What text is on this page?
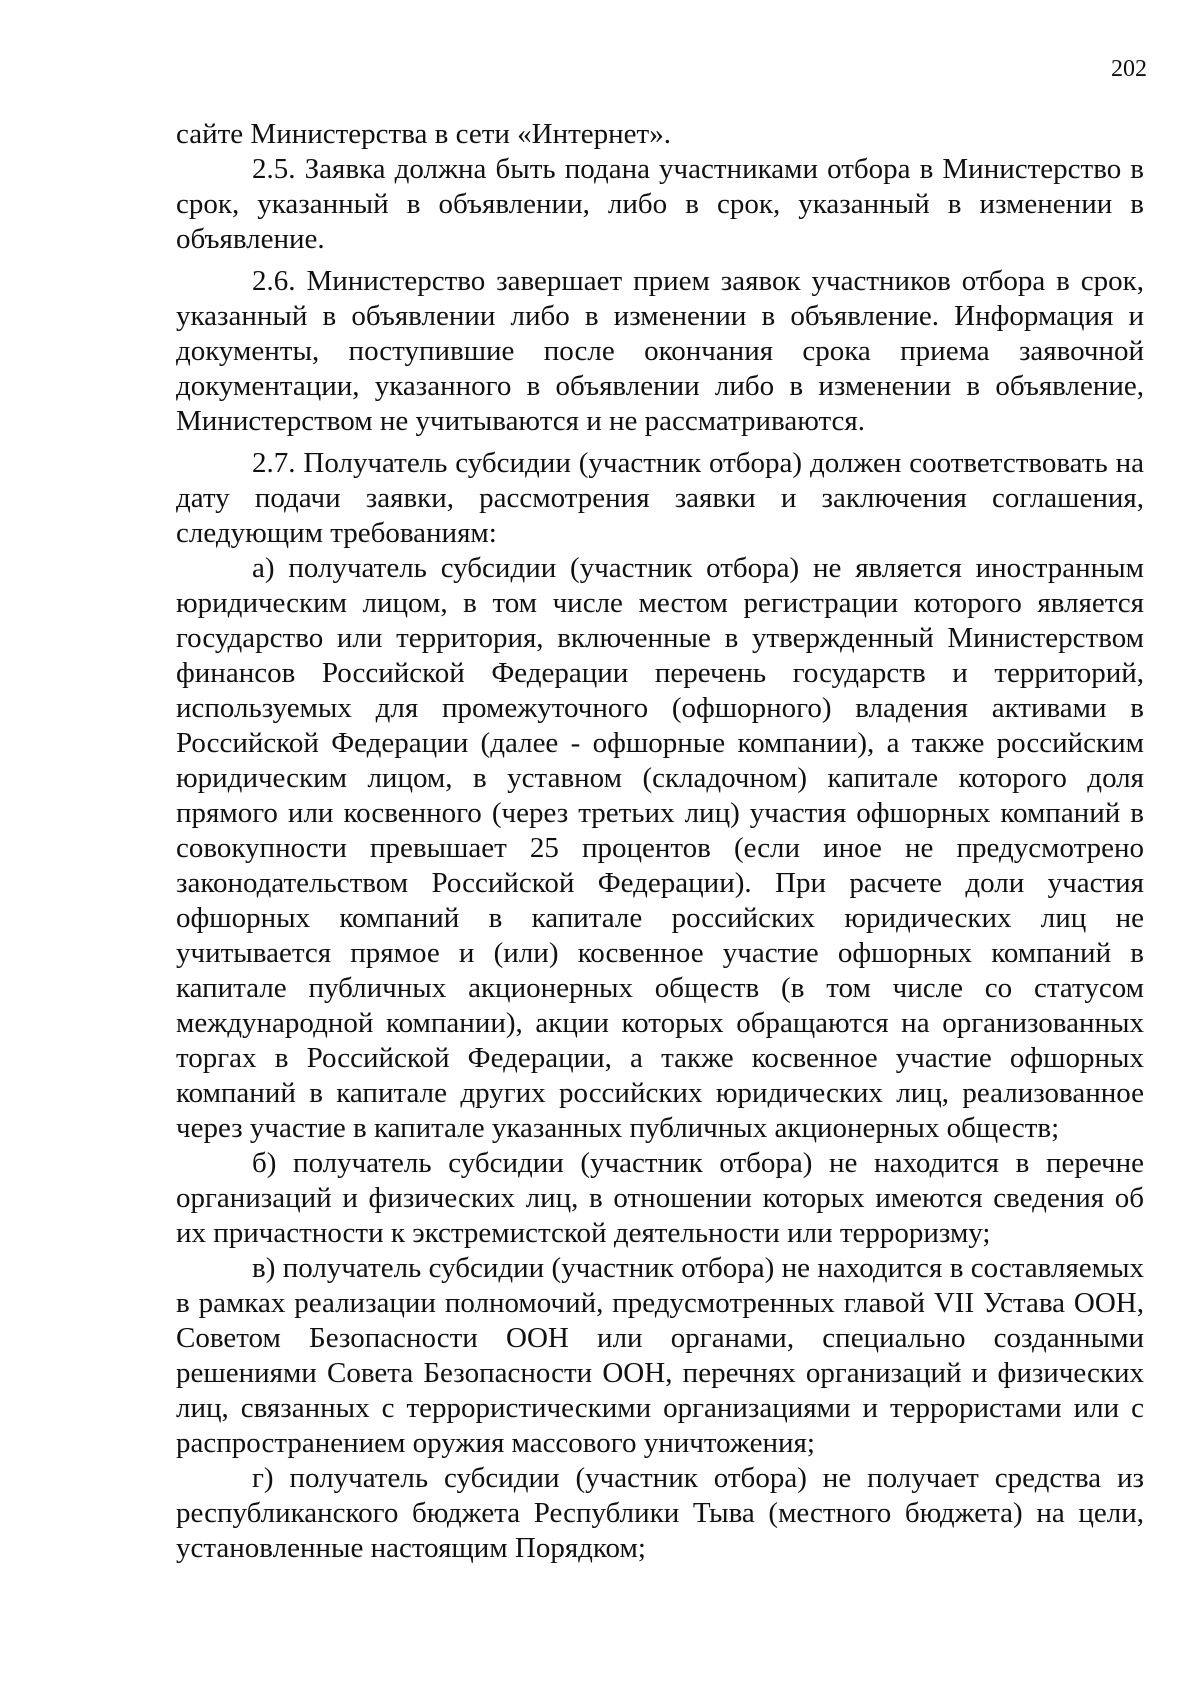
202

сайте Министерства в сети «Интернет».

2.5. Заявка должна быть подана участниками отбора в Министерство в срок, указанный в объявлении, либо в срок, указанный в изменении в объявление.

2.6. Министерство завершает прием заявок участников отбора в срок, указанный в объявлении либо в изменении в объявление. Информация и документы, поступившие после окончания срока приема заявочной документации, указанного в объявлении либо в изменении в объявление, Министерством не учитываются и не рассматриваются.

2.7. Получатель субсидии (участник отбора) должен соответствовать на дату подачи заявки, рассмотрения заявки и заключения соглашения, следующим требованиям:

а) получатель субсидии (участник отбора) не является иностранным юридическим лицом, в том числе местом регистрации которого является государство или территория, включенные в утвержденный Министерством финансов Российской Федерации перечень государств и территорий, используемых для промежуточного (офшорного) владения активами в Российской Федерации (далее - офшорные компании), а также российским юридическим лицом, в уставном (складочном) капитале которого доля прямого или косвенного (через третьих лиц) участия офшорных компаний в совокупности превышает 25 процентов (если иное не предусмотрено законодательством Российской Федерации). При расчете доли участия офшорных компаний в капитале российских юридических лиц не учитывается прямое и (или) косвенное участие офшорных компаний в капитале публичных акционерных обществ (в том числе со статусом международной компании), акции которых обращаются на организованных торгах в Российской Федерации, а также косвенное участие офшорных компаний в капитале других российских юридических лиц, реализованное через участие в капитале указанных публичных акционерных обществ;

б) получатель субсидии (участник отбора) не находится в перечне организаций и физических лиц, в отношении которых имеются сведения об их причастности к экстремистской деятельности или терроризму;

в) получатель субсидии (участник отбора) не находится в составляемых в рамках реализации полномочий, предусмотренных главой VII Устава ООН, Советом Безопасности ООН или органами, специально созданными решениями Совета Безопасности ООН, перечнях организаций и физических лиц, связанных с террористическими организациями и террористами или с распространением оружия массового уничтожения;

г) получатель субсидии (участник отбора) не получает средства из республиканского бюджета Республики Тыва (местного бюджета) на цели, установленные настоящим Порядком;
